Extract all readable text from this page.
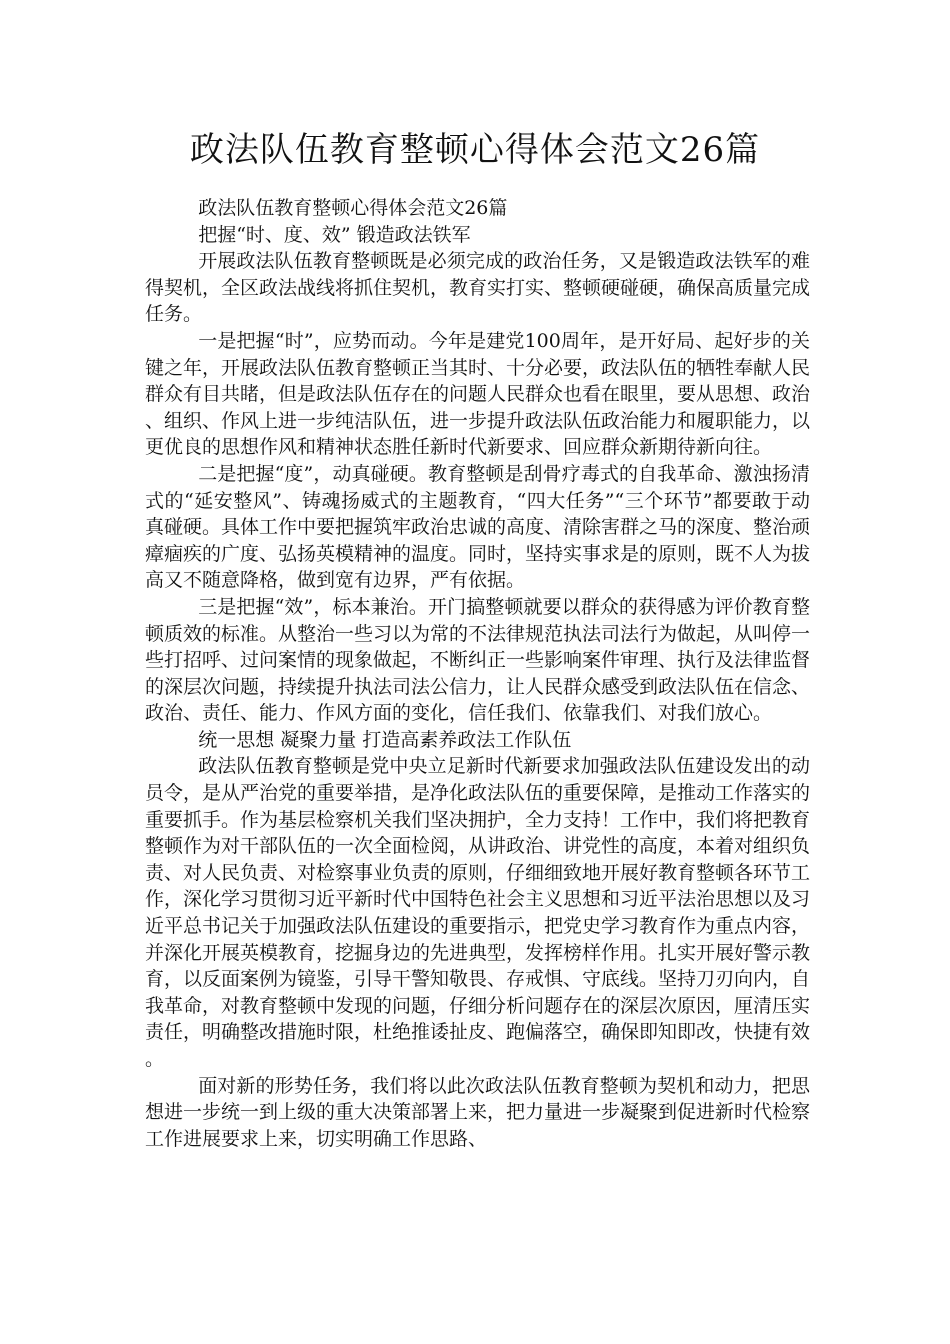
政法队伍教育整顿心得体会范文26篇

政法队伍教育整顿心得体会范文26篇

把握“时、度、效” 锻造政法铁军

开展政法队伍教育整顿既是必须完成的政治任务，又是锻造政法铁军的难得契机，全区政法战线将抓住契机，教育实打实、整顿硬碰硬，确保高质量完成任务。

一是把握“时”，应势而动。今年是建党100周年，是开好局、起好步的关键之年，开展政法队伍教育整顿正当其时、十分必要，政法队伍的牺牲奉献人民群众有目共睹，但是政法队伍存在的问题人民群众也看在眼里，要从思想、政治、组织、作风上进一步纯洁队伍，进一步提升政法队伍政治能力和履职能力，以更优良的思想作风和精神状态胜任新时代新要求、回应群众新期待新向往。

二是把握“度”，动真碰硬。教育整顿是刮骨疗毒式的自我革命、激浊扬清式的“延安整风”、铸魂扬威式的主题教育，“四大任务”“三个环节”都要敢于动真碰硬。具体工作中要把握筑牢政治忠诚的高度、清除害群之马的深度、整治顽瘴痼疾的广度、弘扬英模精神的温度。同时，坚持实事求是的原则，既不人为拔高又不随意降格，做到宽有边界，严有依据。

三是把握“效”，标本兼治。开门搞整顿就要以群众的获得感为评价教育整顿质效的标准。从整治一些习以为常的不法律规范执法司法行为做起，从叫停一些打招呼、过问案情的现象做起，不断纠正一些影响案件审理、执行及法律监督的深层次问题，持续提升执法司法公信力，让人民群众感受到政法队伍在信念、政治、责任、能力、作风方面的变化，信任我们、依靠我们、对我们放心。

统一思想 凝聚力量 打造高素养政法工作队伍

政法队伍教育整顿是党中央立足新时代新要求加强政法队伍建设发出的动员令，是从严治党的重要举措，是净化政法队伍的重要保障，是推动工作落实的重要抓手。作为基层检察机关我们坚决拥护，全力支持！工作中，我们将把教育整顿作为对干部队伍的一次全面检阅，从讲政治、讲党性的高度，本着对组织负责、对人民负责、对检察事业负责的原则，仔细细致地开展好教育整顿各环节工作，深化学习贯彻习近平新时代中国特色社会主义思想和习近平法治思想以及习近平总书记关于加强政法队伍建设的重要指示，把党史学习教育作为重点内容，并深化开展英模教育，挖掘身边的先进典型，发挥榜样作用。扎实开展好警示教育，以反面案例为镜鉴，引导干警知敬畏、存戒惧、守底线。坚持刀刃向内，自我革命，对教育整顿中发现的问题，仔细分析问题存在的深层次原因，厘清压实责任，明确整改措施时限，杜绝推诿扯皮、跑偏落空，确保即知即改，快捷有效。

面对新的形势任务，我们将以此次政法队伍教育整顿为契机和动力，把思想进一步统一到上级的重大决策部署上来，把力量进一步凝聚到促进新时代检察工作进展要求上来，切实明确工作思路、
